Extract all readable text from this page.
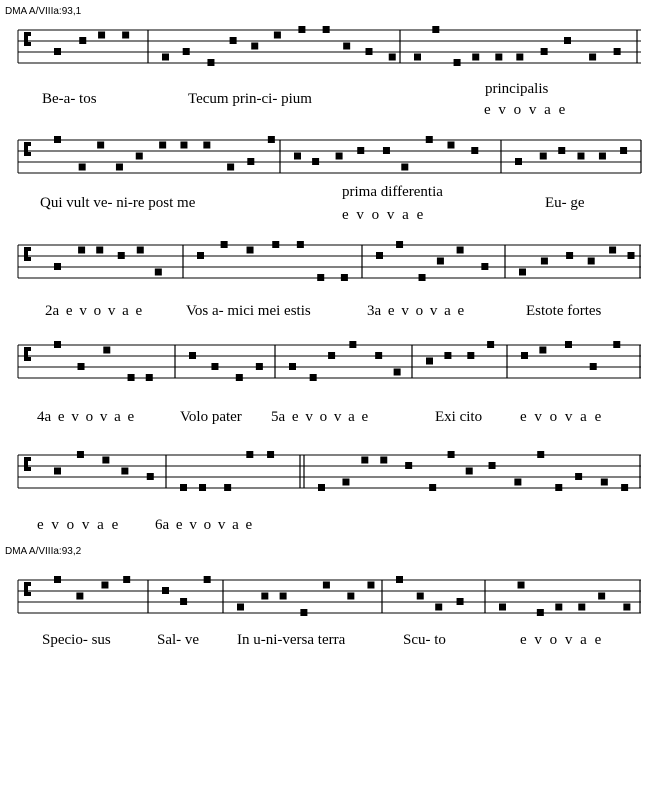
DMA A/VIIIa:93,1
DMA A/VIIIa:93,2
Be-a- tos	Tecum prin-ci- pium
principalis
e v o v a e
Qui vult ve- ni-re post me
prima differentia
e v o v a e
Eu- ge
2a e v o v a e	Vos a- mici mei estis	3a e v o v a e	Estote fortes
4a e v o v a e	Volo pater 5a e v o v a e	Exi cito	e v o v a e
e v o v a e 6a e v o v a e
Specio- sus	Sal- ve	In u-ni-versa terra	Scu- to	e v o v a e
